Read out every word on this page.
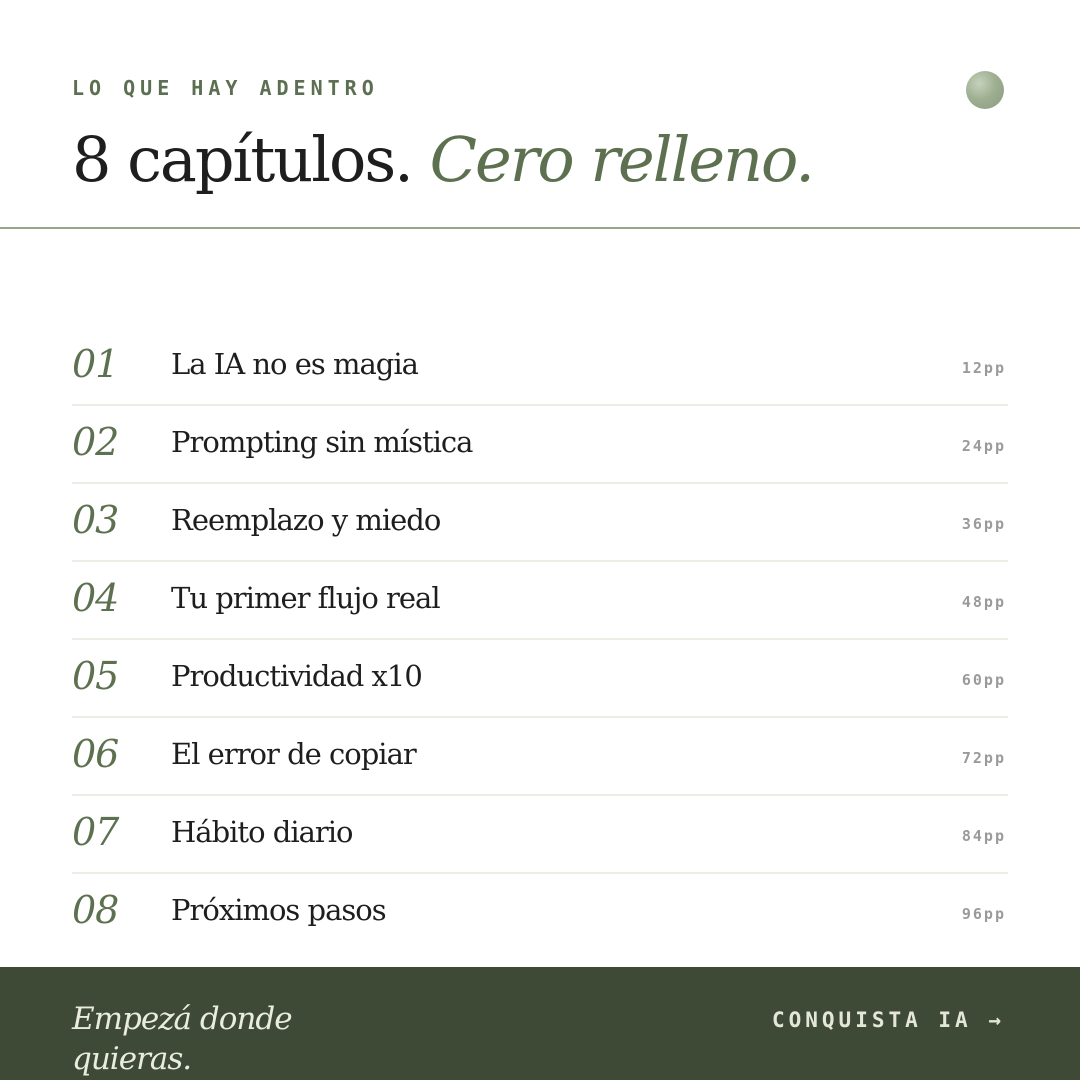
LO QUE HAY ADENTRO
8 capítulos. Cero relleno.
01 La IA no es magia	12pp
02 Prompting sin mística	24pp
03 Reemplazo y miedo	36pp
04 Tu primer flujo real	48pp
05 Productividad x10	60pp
06 El error de copiar	72pp
07 Hábito diario	84pp
08 Próximos pasos	96pp
Empezá donde quieras.
CONQUISTA IA →
